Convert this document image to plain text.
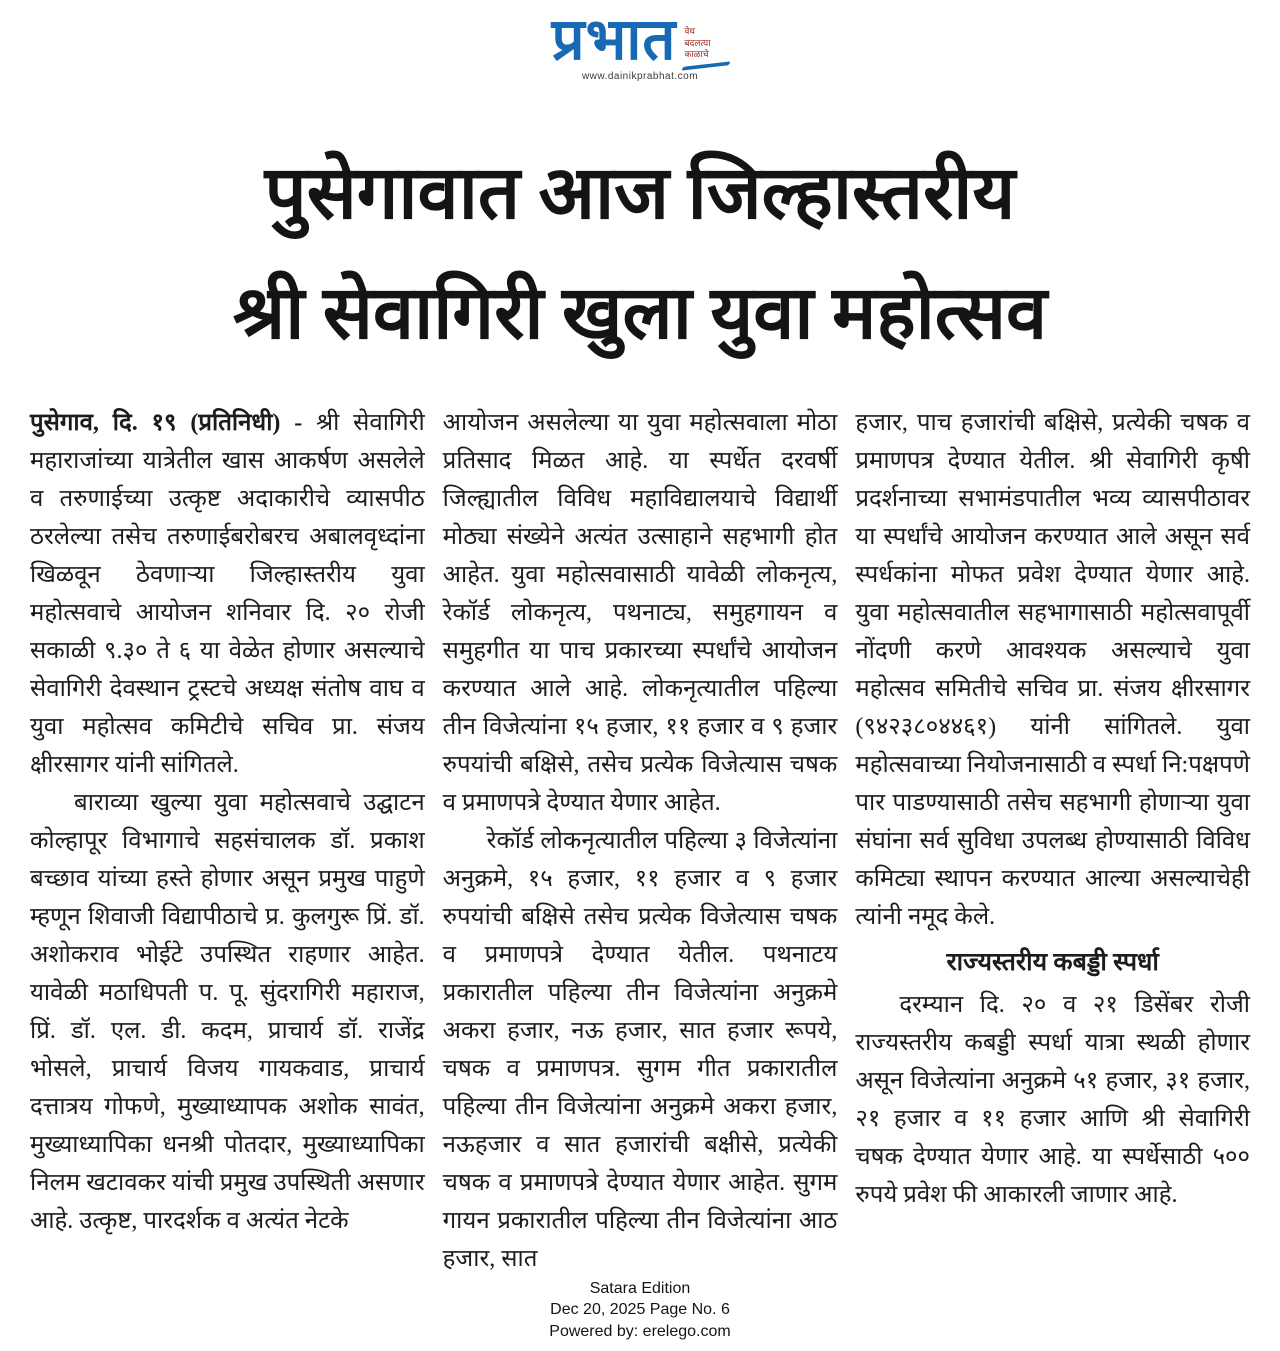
प्रभात वेध
बदलत्या
काळाचे
www.dainikprabhat.com
पुसेगावात आज जिल्हास्तरीय
श्री सेवागिरी खुला युवा महोत्सव

पुसेगाव, दि. १९ (प्रतिनिधी) - श्री सेवागिरी महाराजांच्या यात्रेतील खास आकर्षण असलेले व तरुणाईच्या उत्कृष्ट अदाकारीचे व्यासपीठ ठरलेल्या तसेच तरुणाईबरोबरच अबालवृध्दांना खिळवून ठेवणाऱ्या जिल्हास्तरीय युवा महोत्सवाचे आयोजन शनिवार दि. २० रोजी सकाळी ९.३० ते ६ या वेळेत होणार असल्याचे सेवागिरी देवस्थान ट्रस्टचे अध्यक्ष संतोष वाघ व युवा महोत्सव कमिटीचे सचिव प्रा. संजय क्षीरसागर यांनी सांगितले.

बाराव्या खुल्या युवा महोत्सवाचे उद्घाटन कोल्हापूर विभागाचे सहसंचालक डॉ. प्रकाश बच्छाव यांच्या हस्ते होणार असून प्रमुख पाहुणे म्हणून शिवाजी विद्यापीठाचे प्र. कुलगुरू प्रिं. डॉ. अशोकराव भोईटे उपस्थित राहणार आहेत. यावेळी मठाधिपती प. पू. सुंदरागिरी महाराज, प्रिं. डॉ. एल. डी. कदम, प्राचार्य डॉ. राजेंद्र भोसले, प्राचार्य विजय गायकवाड, प्राचार्य दत्तात्रय गोफणे, मुख्याध्यापक अशोक सावंत, मुख्याध्यापिका धनश्री पोतदार, मुख्याध्यापिका निलम खटावकर यांची प्रमुख उपस्थिती असणार आहे. उत्कृष्ट, पारदर्शक व अत्यंत नेटके

आयोजन असलेल्या या युवा महोत्सवाला मोठा प्रतिसाद मिळत आहे. या स्पर्धेत दरवर्षी जिल्ह्यातील विविध महाविद्यालयाचे विद्यार्थी मोठ्या संख्येने अत्यंत उत्साहाने सहभागी होत आहेत. युवा महोत्सवासाठी यावेळी लोकनृत्य, रेकॉर्ड लोकनृत्य, पथनाट्य, समुहगायन व समुहगीत या पाच प्रकारच्या स्पर्धांचे आयोजन करण्यात आले आहे. लोकनृत्यातील पहिल्या तीन विजेत्यांना १५ हजार, ११ हजार व ९ हजार रुपयांची बक्षिसे, तसेच प्रत्येक विजेत्यास चषक व प्रमाणपत्रे देण्यात येणार आहेत.

रेकॉर्ड लोकनृत्यातील पहिल्या ३ विजेत्यांना अनुक्रमे, १५ हजार, ११ हजार व ९ हजार रुपयांची बक्षिसे तसेच प्रत्येक विजेत्यास चषक व प्रमाणपत्रे देण्यात येतील. पथनाटय प्रकारातील पहिल्या तीन विजेत्यांना अनुक्रमे अकरा हजार, नऊ हजार, सात हजार रूपये, चषक व प्रमाणपत्र. सुगम गीत प्रकारातील पहिल्या तीन विजेत्यांना अनुक्रमे अकरा हजार, नऊहजार व सात हजारांची बक्षीसे, प्रत्येकी चषक व प्रमाणपत्रे देण्यात येणार आहेत. सुगम गायन प्रकारातील पहिल्या तीन विजेत्यांना आठ हजार, सात

हजार, पाच हजारांची बक्षिसे, प्रत्येकी चषक व प्रमाणपत्र देण्यात येतील. श्री सेवागिरी कृषी प्रदर्शनाच्या सभामंडपातील भव्य व्यासपीठावर या स्पर्धांचे आयोजन करण्यात आले असून सर्व स्पर्धकांना मोफत प्रवेश देण्यात येणार आहे. युवा महोत्सवातील सहभागासाठी महोत्सवापूर्वी नोंदणी करणे आवश्यक असल्याचे युवा महोत्सव समितीचे सचिव प्रा. संजय क्षीरसागर (९४२३८०४४६१) यांनी सांगितले. युवा महोत्सवाच्या नियोजनासाठी व स्पर्धा नि:पक्षपणे पार पाडण्यासाठी तसेच सहभागी होणाऱ्या युवा संघांना सर्व सुविधा उपलब्ध होण्यासाठी विविध कमिट्या स्थापन करण्यात आल्या असल्याचेही त्यांनी नमूद केले.

राज्यस्तरीय कबड्डी स्पर्धा

दरम्यान दि. २० व २१ डिसेंबर रोजी राज्यस्तरीय कबड्डी स्पर्धा यात्रा स्थळी होणार असून विजेत्यांना अनुक्रमे ५१ हजार, ३१ हजार, २१ हजार व ११ हजार आणि श्री सेवागिरी चषक देण्यात येणार आहे. या स्पर्धेसाठी ५०० रुपये प्रवेश फी आकारली जाणार आहे.

Satara Edition
Dec 20, 2025 Page No. 6
Powered by: erelego.com
